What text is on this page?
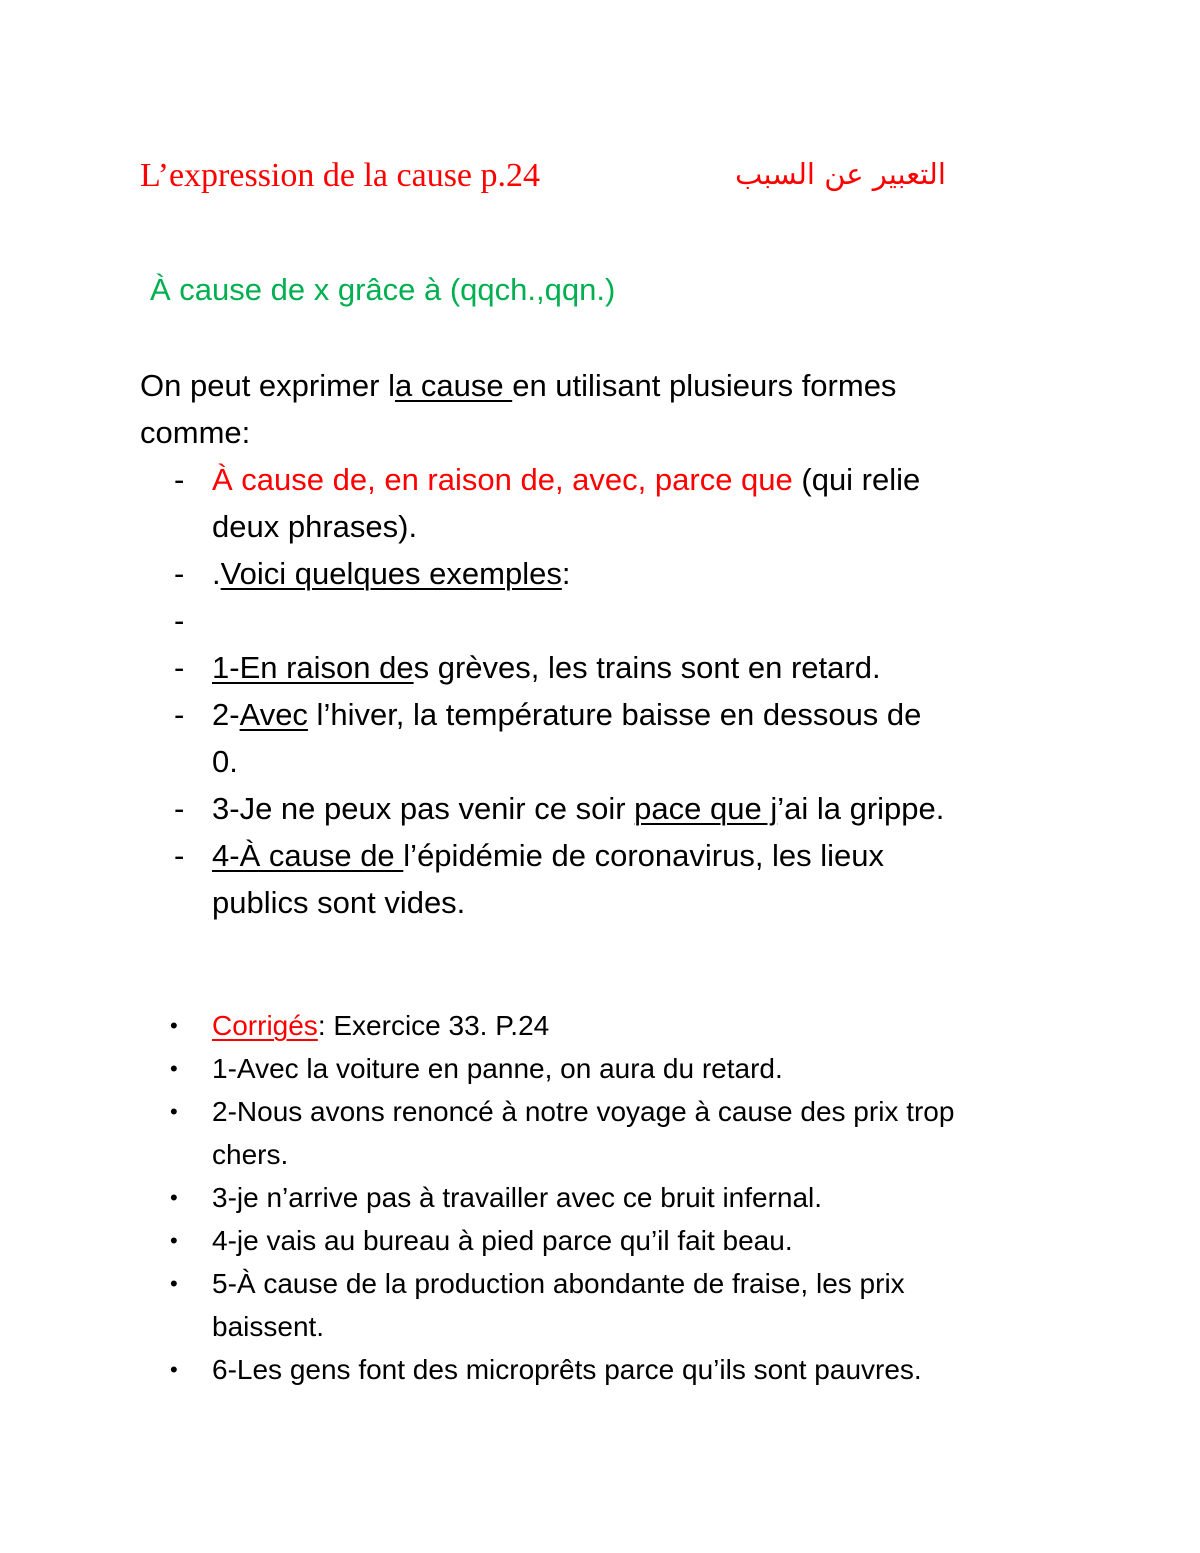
L’expression de la cause p.24	التعبير عن السبب
À cause de x grâce à (qqch.,qqn.)
On peut exprimer la cause en utilisant plusieurs formes
comme:
- À cause de, en raison de, avec, parce que (qui relie
deux phrases).
- .Voici quelques exemples:
-

- 1-En raison des grèves, les trains sont en retard.
- 2-Avec l’hiver, la température baisse en dessous de
0.
- 3-Je ne peux pas venir ce soir pace que j’ai la grippe.
- 4-À cause de l’épidémie de coronavirus, les lieux
publics sont vides.
• Corrigés: Exercice 33. P.24
• 1-Avec la voiture en panne, on aura du retard.
• 2-Nous avons renoncé à notre voyage à cause des prix trop
chers.
• 3-je n’arrive pas à travailler avec ce bruit infernal.
• 4-je vais au bureau à pied parce qu’il fait beau.
• 5-À cause de la production abondante de fraise, les prix
baissent.
• 6-Les gens font des microprêts parce qu’ils sont pauvres.
